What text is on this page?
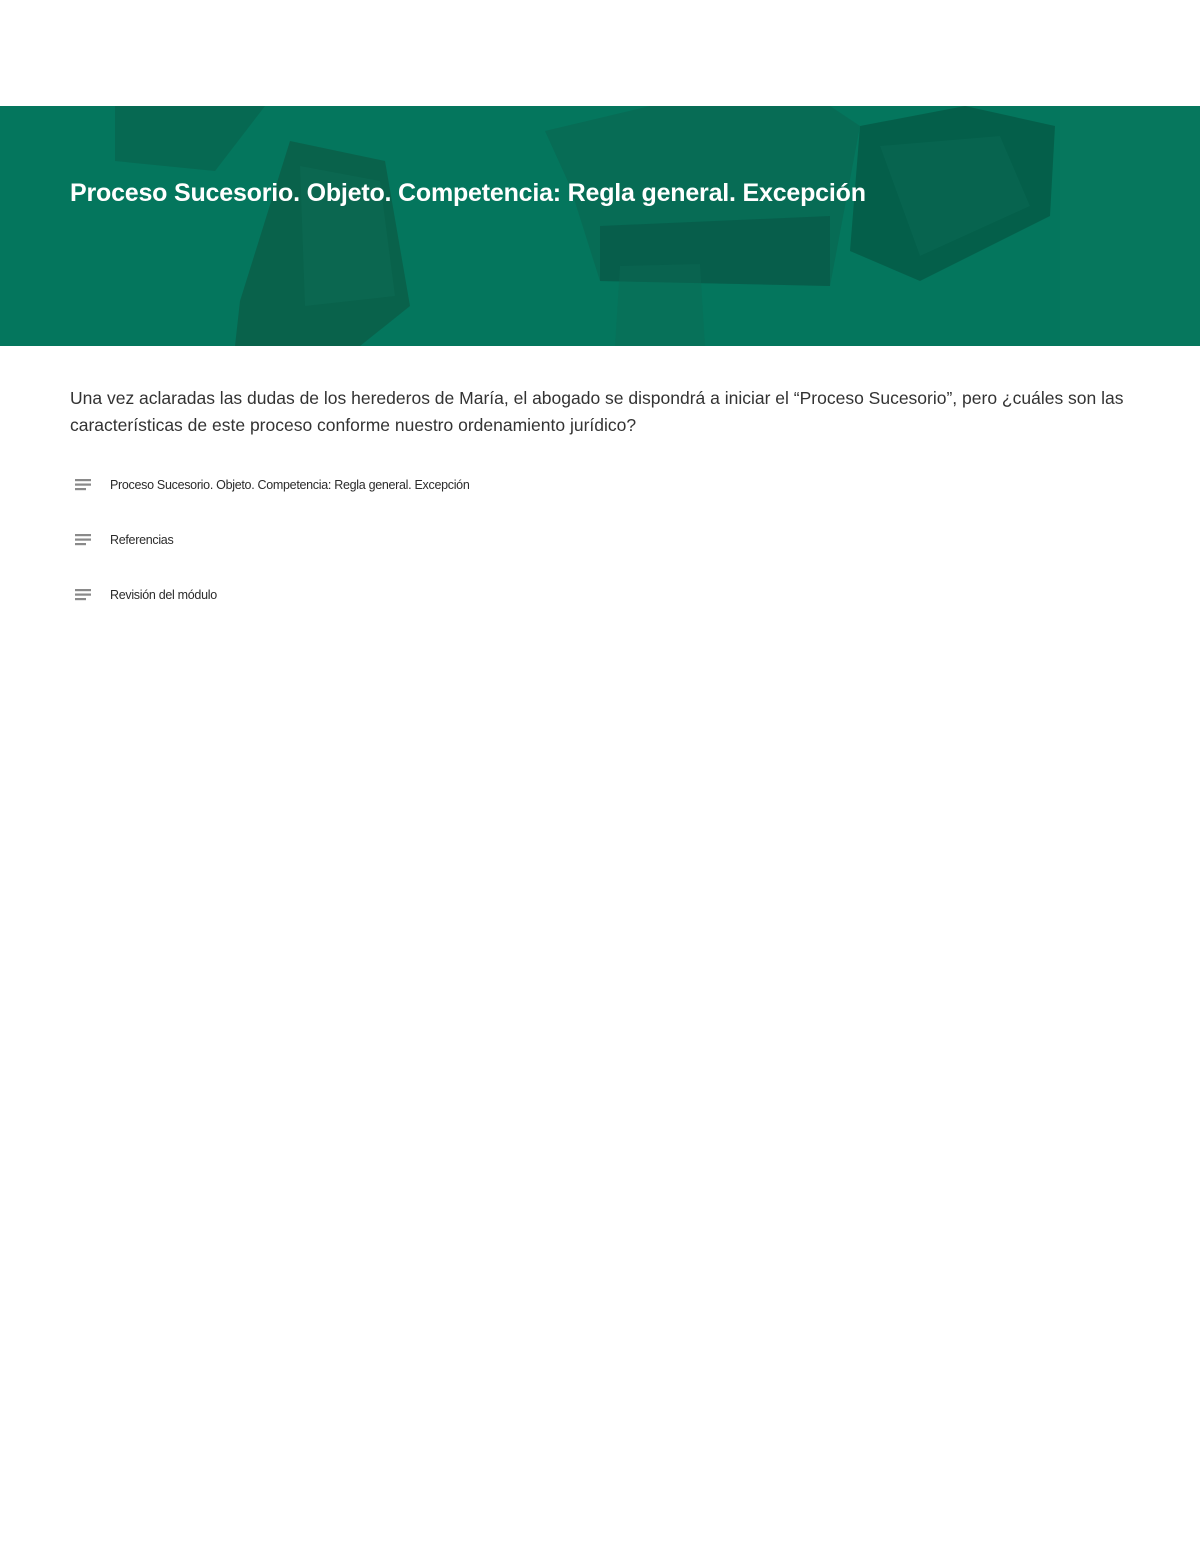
Proceso Sucesorio. Objeto. Competencia: Regla general. Excepción

Una vez aclaradas las dudas de los herederos de María, el abogado se dispondrá a iniciar el “Proceso Sucesorio”, pero ¿cuáles son las características de este proceso conforme nuestro ordenamiento jurídico?

Proceso Sucesorio. Objeto. Competencia: Regla general. Excepción
Referencias
Revisión del módulo
